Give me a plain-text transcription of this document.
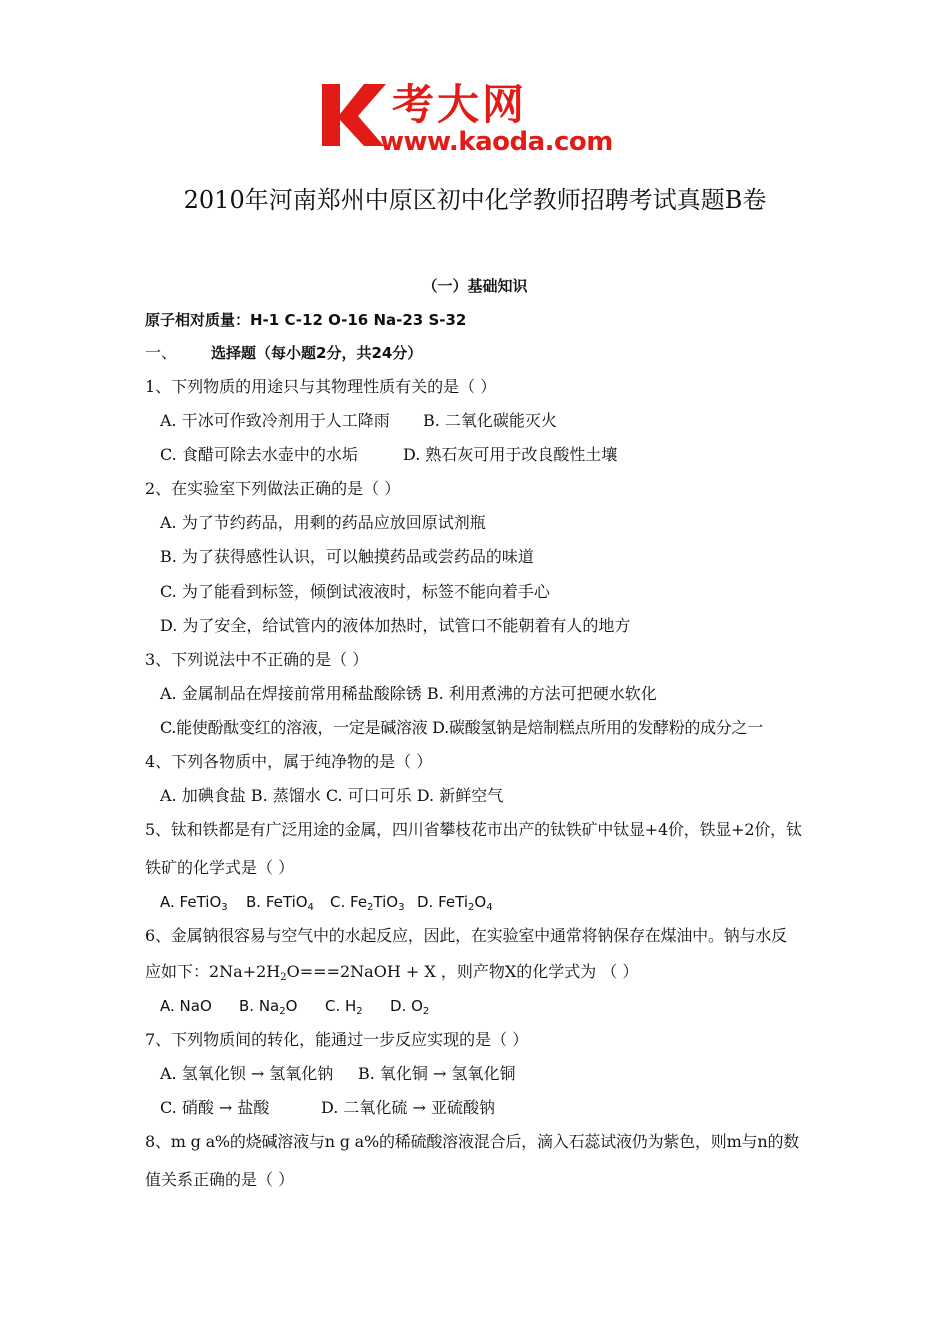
考大网
www.kaoda.com
2010年河南郑州中原区初中化学教师招聘考试真题B卷
（一）基础知识
原子相对质量：H-1 C-12 O-16 Na-23 S-32
一、 选择题（每小题2分，共24分）
1、下列物质的用途只与其物理性质有关的是（ ）
A. 干冰可作致冷剂用于人工降雨 B. 二氧化碳能灭火
C. 食醋可除去水壶中的水垢	D. 熟石灰可用于改良酸性土壤
2、在实验室下列做法正确的是（ ）
A. 为了节约药品，用剩的药品应放回原试剂瓶
B. 为了获得感性认识，可以触摸药品或尝药品的味道
C. 为了能看到标签，倾倒试液液时，标签不能向着手心
D. 为了安全，给试管内的液体加热时，试管口不能朝着有人的地方
3、下列说法中不正确的是（ ）
A. 金属制品在焊接前常用稀盐酸除锈 B. 利用煮沸的方法可把硬水软化
C.能使酚酞变红的溶液，一定是碱溶液 D.碳酸氢钠是焙制糕点所用的发酵粉的成分之一
4、下列各物质中，属于纯净物的是（ ）
A. 加碘食盐 B. 蒸馏水 C. 可口可乐 D. 新鲜空气
5、钛和铁都是有广泛用途的金属，四川省攀枝花市出产的钛铁矿中钛显+4价，铁显+2价，钛
铁矿的化学式是（ ）
A. FeTiO$_3$ B. FeTiO$_4$ C. $Fe_2TiO_3$ D. $FeTi_2O_4$
6、金属钠很容易与空气中的水起反应，因此，在实验室中通常将钠保存在煤油中。钠与水反
应如下：$2Na+2H_2O===2NaOH + X$ ，则产物X的化学式为 （ ）
A. NaO B. $Na_2O$ C. $H_2$ D. $O_2$
7、下列物质间的转化，能通过一步反应实现的是（ ）
A. 氢氧化钡 → 氢氧化钠 B. 氧化铜 → 氢氧化铜
C. 硝酸 → 盐酸	D. 二氧化硫 → 亚硫酸钠
8、m g a%的烧碱溶液与n g a%的稀硫酸溶液混合后，滴入石蕊试液仍为紫色，则m与n的数
值关系正确的是（ ）
